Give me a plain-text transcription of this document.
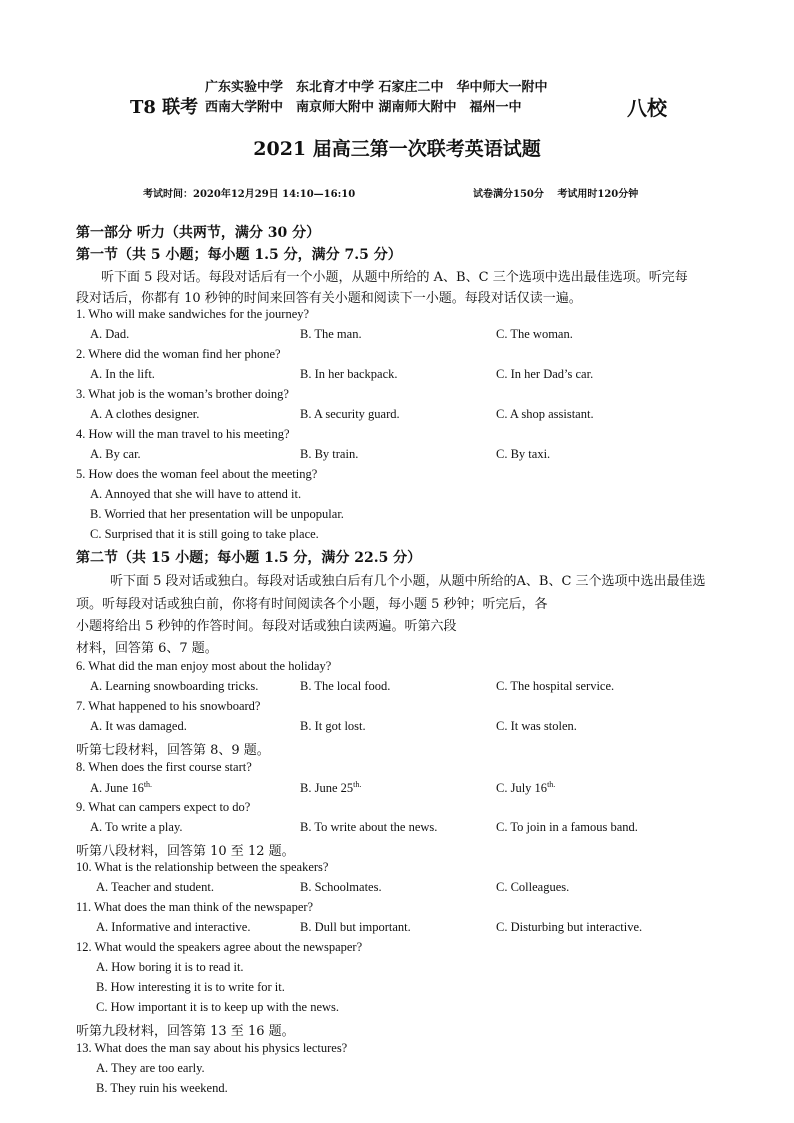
广东实验中学　东北育才中学 石家庄二中　华中师大一附中
T8 联考 西南大学附中　南京师大附中 湖南师大附中　福州一中	八校
2021 届高三第一次联考英语试题
考试时间：2020年12月29日 14:10—16:10	试卷满分150分　 考试用时120分钟
第一部分 听力（共两节，满分 30 分）
第一节（共 5 小题；每小题 1.5 分，满分 7.5 分）
听下面 5 段对话。每段对话后有一个小题，从题中所给的 A、B、C 三个选项中选出最佳选项。听完每
段对话后，你都有 10 秒钟的时间来回答有关小题和阅读下一小题。每段对话仅读一遍。
1. Who will make sandwiches for the journey?
A. Dad.	B. The man.	C. The woman.
2. Where did the woman find her phone?
A. In the lift.	B. In her backpack.	C. In her Dad’s car.
3. What job is the woman’s brother doing?
A. A clothes designer.	B. A security guard.	C. A shop assistant.
4. How will the man travel to his meeting?
A. By car.	B. By train.	C. By taxi.
5. How does the woman feel about the meeting?
A. Annoyed that she will have to attend it.
B. Worried that her presentation will be unpopular.
C. Surprised that it is still going to take place.
第二节（共 15 小题；每小题 1.5 分，满分 22.5 分）
听下面 5 段对话或独白。每段对话或独白后有几个小题，从题中所给的A、B、C 三个选项中选出最佳选
项。听每段对话或独白前，你将有时间阅读各个小题，每小题 5 秒钟；听完后，各
小题将给出 5 秒钟的作答时间。每段对话或独白读两遍。听第六段
材料，回答第 6、7 题。
6. What did the man enjoy most about the holiday?
A. Learning snowboarding tricks.	B. The local food.	C. The hospital service.
7. What happened to his snowboard?
A. It was damaged.	B. It got lost.	C. It was stolen.
听第七段材料，回答第 8、9 题。
8. When does the first course start?
A. June $16^{th.}$	B. June $25^{th.}$	C. July $16^{th.}$
9. What can campers expect to do?
A. To write a play.	B. To write about the news.	C. To join in a famous band.
听第八段材料，回答第 10 至 12 题。
10. What is the relationship between the speakers?
A. Teacher and student.	B. Schoolmates.	C. Colleagues.
11. What does the man think of the newspaper?
A. Informative and interactive.	B. Dull but important.	C. Disturbing but interactive.
12. What would the speakers agree about the newspaper?
A. How boring it is to read it.
B. How interesting it is to write for it.
C. How important it is to keep up with the news.
听第九段材料，回答第 13 至 16 题。
13. What does the man say about his physics lectures?
A. They are too early.
B. They ruin his weekend.
